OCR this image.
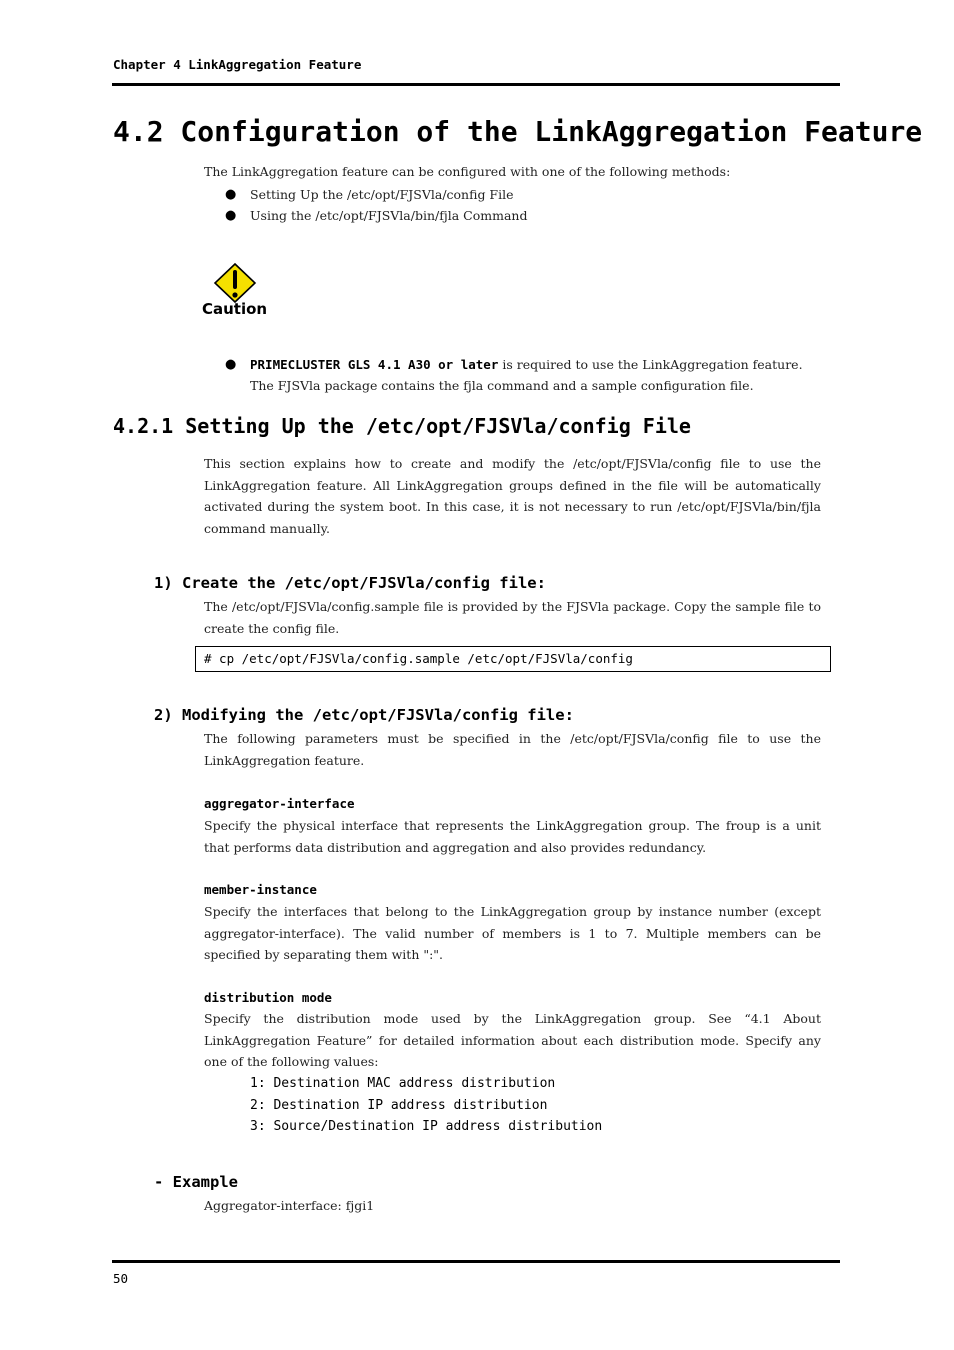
Chapter 4 LinkAggregation Feature
4.2 Configuration of the LinkAggregation Feature
The LinkAggregation feature can be configured with one of the following methods:
● Setting Up the /etc/opt/FJSVla/config File
● Using the /etc/opt/FJSVla/bin/fjla Command
Caution
● PRIMECLUSTER GLS 4.1 A30 or later is required to use the LinkAggregation feature.
The FJSVla package contains the fjla command and a sample configuration file.
4.2.1 Setting Up the /etc/opt/FJSVla/config File
This section explains how to create and modify the /etc/opt/FJSVla/config file to use the LinkAggregation feature. All LinkAggregation groups defined in the file will be automatically activated during the system boot. In this case, it is not necessary to run /etc/opt/FJSVla/bin/fjla command manually.
1) Create the /etc/opt/FJSVla/config file:
The /etc/opt/FJSVla/config.sample file is provided by the FJSVla package. Copy the sample file to create the config file.
# cp /etc/opt/FJSVla/config.sample /etc/opt/FJSVla/config
2) Modifying the /etc/opt/FJSVla/config file:
The following parameters must be specified in the /etc/opt/FJSVla/config file to use the LinkAggregation feature.
aggregator-interface
Specify the physical interface that represents the LinkAggregation group. The froup is a unit that performs data distribution and aggregation and also provides redundancy.
member-instance
Specify the interfaces that belong to the LinkAggregation group by instance number (except aggregator-interface). The valid number of members is 1 to 7. Multiple members can be specified by separating them with ":".
distribution mode
Specify the distribution mode used by the LinkAggregation group. See “4.1 About LinkAggregation Feature” for detailed information about each distribution mode. Specify any one of the following values:
1: Destination MAC address distribution
2: Destination IP address distribution
3: Source/Destination IP address distribution
- Example
Aggregator-interface: fjgi1
50
